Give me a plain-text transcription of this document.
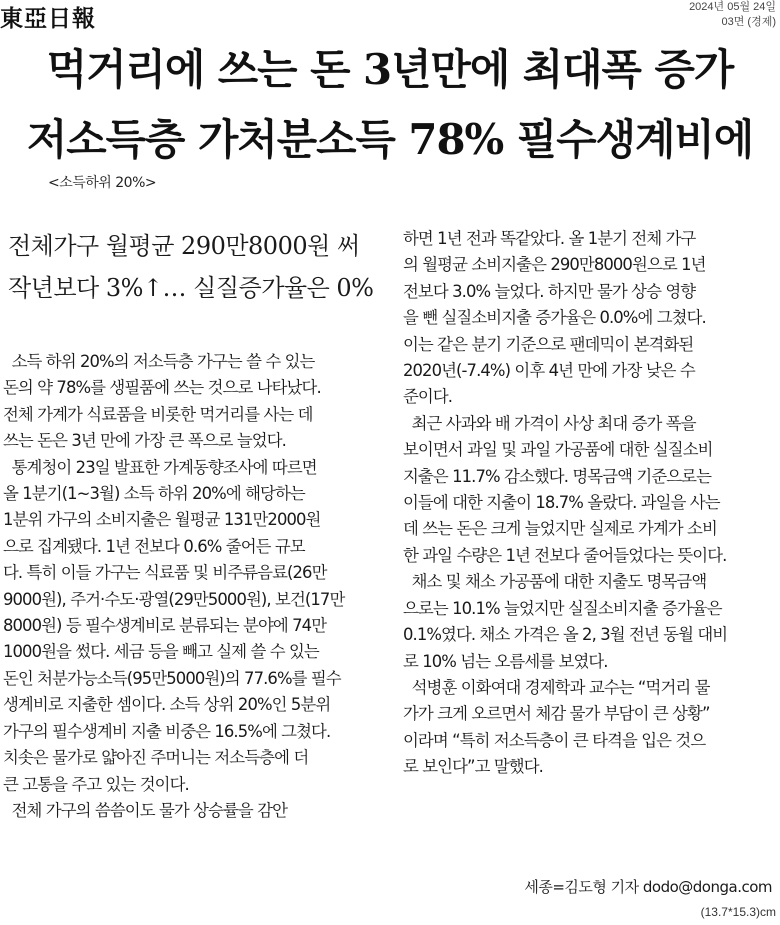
東亞日報	2024년 05월 24일
03면 (경제)
먹거리에 쓰는 돈 3년만에 최대폭 증가
저소득층 가처분소득 78% 필수생계비에
<소득하위 20%>
전체가구 월평균 290만8000원 써
작년보다 3%↑… 실질증가율은 0%
소득 하위 20%의 저소득층 가구는 쓸 수 있는
돈의 약 78%를 생필품에 쓰는 것으로 나타났다.
전체 가계가 식료품을 비롯한 먹거리를 사는 데
쓰는 돈은 3년 만에 가장 큰 폭으로 늘었다.
통계청이 23일 발표한 가계동향조사에 따르면
올 1분기(1~3월) 소득 하위 20%에 해당하는
1분위 가구의 소비지출은 월평균 131만2000원
으로 집계됐다. 1년 전보다 0.6% 줄어든 규모
다. 특히 이들 가구는 식료품 및 비주류음료(26만
9000원), 주거·수도·광열(29만5000원), 보건(17만
8000원) 등 필수생계비로 분류되는 분야에 74만
1000원을 썼다. 세금 등을 빼고 실제 쓸 수 있는
돈인 처분가능소득(95만5000원)의 77.6%를 필수
생계비로 지출한 셈이다. 소득 상위 20%인 5분위
가구의 필수생계비 지출 비중은 16.5%에 그쳤다.
치솟은 물가로 얇아진 주머니는 저소득층에 더
큰 고통을 주고 있는 것이다.
전체 가구의 씀씀이도 물가 상승률을 감안
하면 1년 전과 똑같았다. 올 1분기 전체 가구
의 월평균 소비지출은 290만8000원으로 1년
전보다 3.0% 늘었다. 하지만 물가 상승 영향
을 뺀 실질소비지출 증가율은 0.0%에 그쳤다.
이는 같은 분기 기준으로 팬데믹이 본격화된
2020년(-7.4%) 이후 4년 만에 가장 낮은 수
준이다.
최근 사과와 배 가격이 사상 최대 증가 폭을
보이면서 과일 및 과일 가공품에 대한 실질소비
지출은 11.7% 감소했다. 명목금액 기준으로는
이들에 대한 지출이 18.7% 올랐다. 과일을 사는
데 쓰는 돈은 크게 늘었지만 실제로 가계가 소비
한 과일 수량은 1년 전보다 줄어들었다는 뜻이다.
채소 및 채소 가공품에 대한 지출도 명목금액
으로는 10.1% 늘었지만 실질소비지출 증가율은
0.1%였다. 채소 가격은 올 2, 3월 전년 동월 대비
로 10% 넘는 오름세를 보였다.
석병훈 이화여대 경제학과 교수는 “먹거리 물
가가 크게 오르면서 체감 물가 부담이 큰 상황”
이라며 “특히 저소득층이 큰 타격을 입은 것으
로 보인다”고 말했다.
세종=김도형 기자 dodo@donga.com
(13.7*15.3)cm
